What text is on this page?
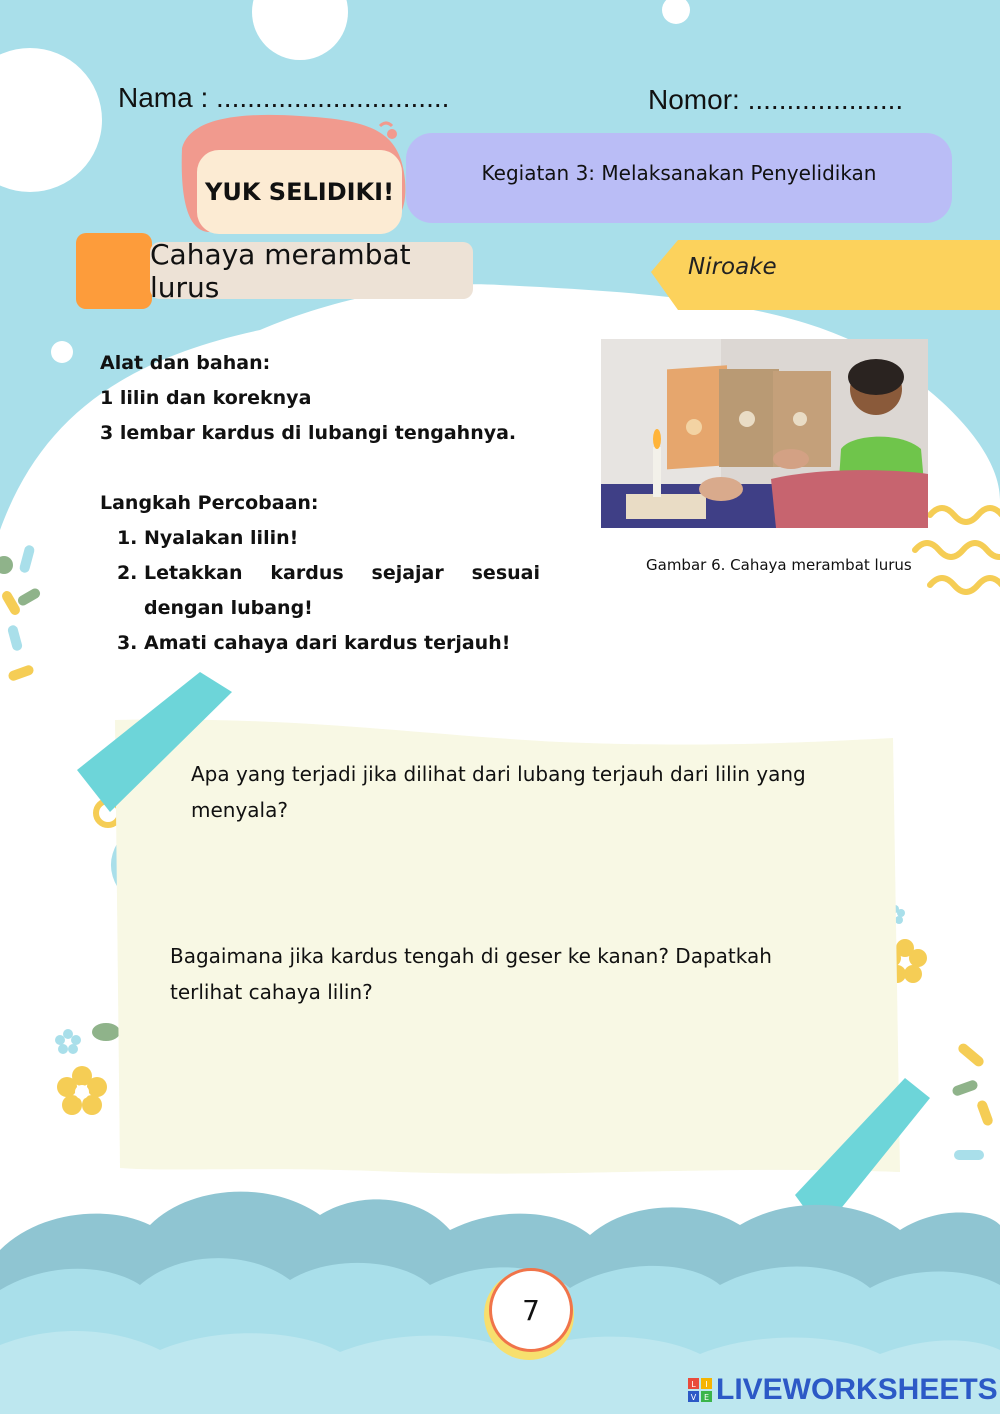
Nama : ..............................	Nomor: ....................
YUK SELIDIKI!
Kegiatan 3: Melaksanakan Penyelidikan
Cahaya merambat lurus
Niroake

Alat dan bahan:

1 lilin dan koreknya

3 lembar kardus di lubangi tengahnya.

Langkah Percobaan:

1. Nyalakan lilin!
2. Letakkan kardus sejajar sesuai dengan lubang!
3. Amati cahaya dari kardus terjauh!
Gambar 6. Cahaya merambat lurus
Apa yang terjadi jika dilihat dari lubang terjauh dari lilin yang menyala?
Bagaimana jika kardus tengah di geser ke kanan? Dapatkah terlihat cahaya lilin?
7
L I
V E LIVEWORKSHEETS
